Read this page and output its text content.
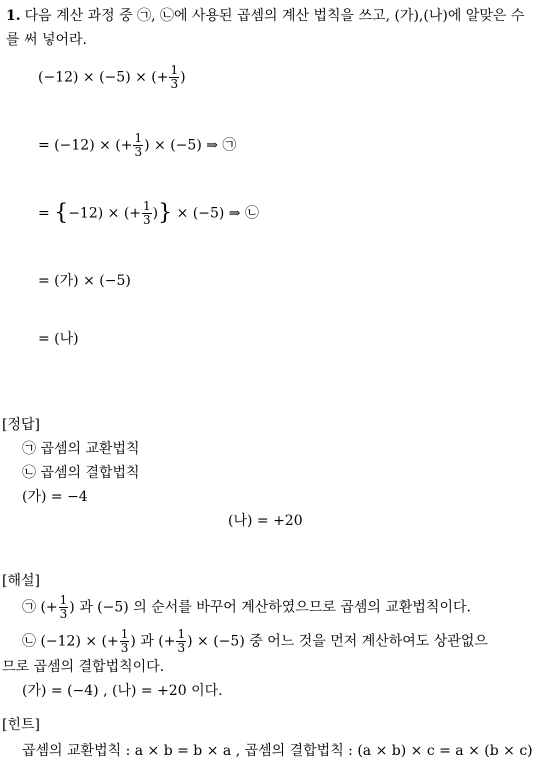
1. 다음 계산 과정 중 ㉠, ㉡에 사용된 곱셈의 계산 법칙을 쓰고, (가),(나)에 알맞은 수를 써 넣어라.
(−12) × (−5) × (+ $\frac{1}{3}$ )
= (−12) × (+ $\frac{1}{3}$ ) × (−5) ⇒ ㉠
= {−12) × (+ $\frac{1}{3}$ )} × (−5) ⇒ ㉡
= (가) × (−5)
= (나)
[정답]
㉠ 곱셈의 교환법칙
㉡ 곱셈의 결합법칙
(가) = −4
(나) = +20
[해설]
㉠ (+ $\frac{1}{3}$ ) 과 (−5) 의 순서를 바꾸어 계산하였으므로 곱셈의 교환법칙이다.
㉡ (−12) × (+ $\frac{1}{3}$ ) 과 (+ $\frac{1}{3}$ ) × (−5) 중 어느 것을 먼저 계산하여도 상관없으
므로 곱셈의 결합법칙이다.
(가) = (−4) , (나) = +20 이다.
[힌트]
곱셈의 교환법칙 : a × b = b × a , 곱셈의 결합법칙 : (a × b) × c = a × (b × c)
